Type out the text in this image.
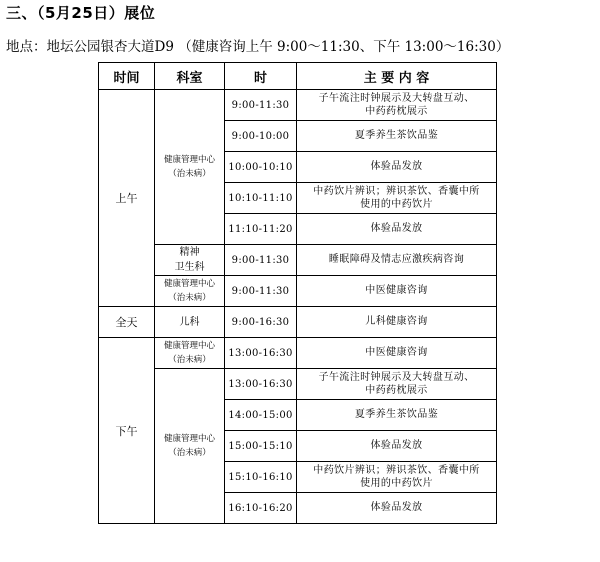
三、（5月25日）展位
地点：地坛公园银杏大道D9 （健康咨询上午 9:00～11:30、下午 13:00～16:30）
时间	科室	时	主 要 内 容
上午	健康管理中心
（治未病）	9:00-11:30	子午流注时钟展示及大转盘互动、
中药药枕展示

		9:00-10:00	夏季养生茶饮品鉴

		10:00-10:10	体验品发放

		10:10-11:10	中药饮片辨识；辨识茶饮、香囊中所
使用的中药饮片

		11:10-11:20	体验品发放

	精神
卫生科	9:00-11:30	睡眠障碍及情志应激疾病咨询

	健康管理中心
（治未病）	9:00-11:30	中医健康咨询

全天	儿科	9:00-16:30	儿科健康咨询

下午	健康管理中心
（治未病）	13:00-16:30	中医健康咨询

	健康管理中心
（治未病）	13:00-16:30	子午流注时钟展示及大转盘互动、
中药药枕展示

		14:00-15:00	夏季养生茶饮品鉴

		15:00-15:10	体验品发放

		15:10-16:10	中药饮片辨识；辨识茶饮、香囊中所
使用的中药饮片

		16:10-16:20	体验品发放
